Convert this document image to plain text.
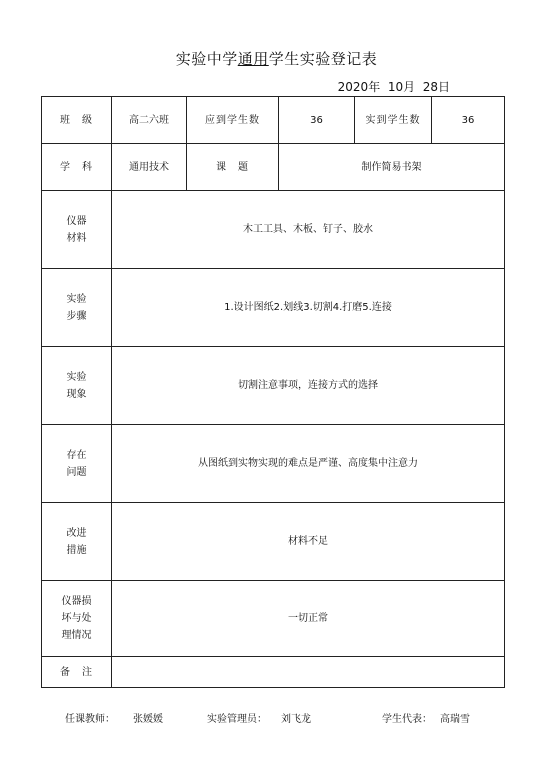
实验中学通用学生实验登记表
2020年  10月  28日
班　级	高二六班	应到学生数	36	实到学生数	36
学　科	通用技术	课　题	制作简易书架		

仪器
材料	木工工具、木板、钉子、胶水				

实验
步骤	1.设计图纸2.划线3.切割4.打磨5.连接				

实验
现象	切割注意事项，连接方式的选择				

存在
问题	从图纸到实物实现的难点是严谨、高度集中注意力				

改进
措施	材料不足				

仪器损
坏与处
理情况	一切正常				
备　注					
任课教师： 张媛媛	实验管理员： 刘飞龙	学生代表： 高瑞雪
